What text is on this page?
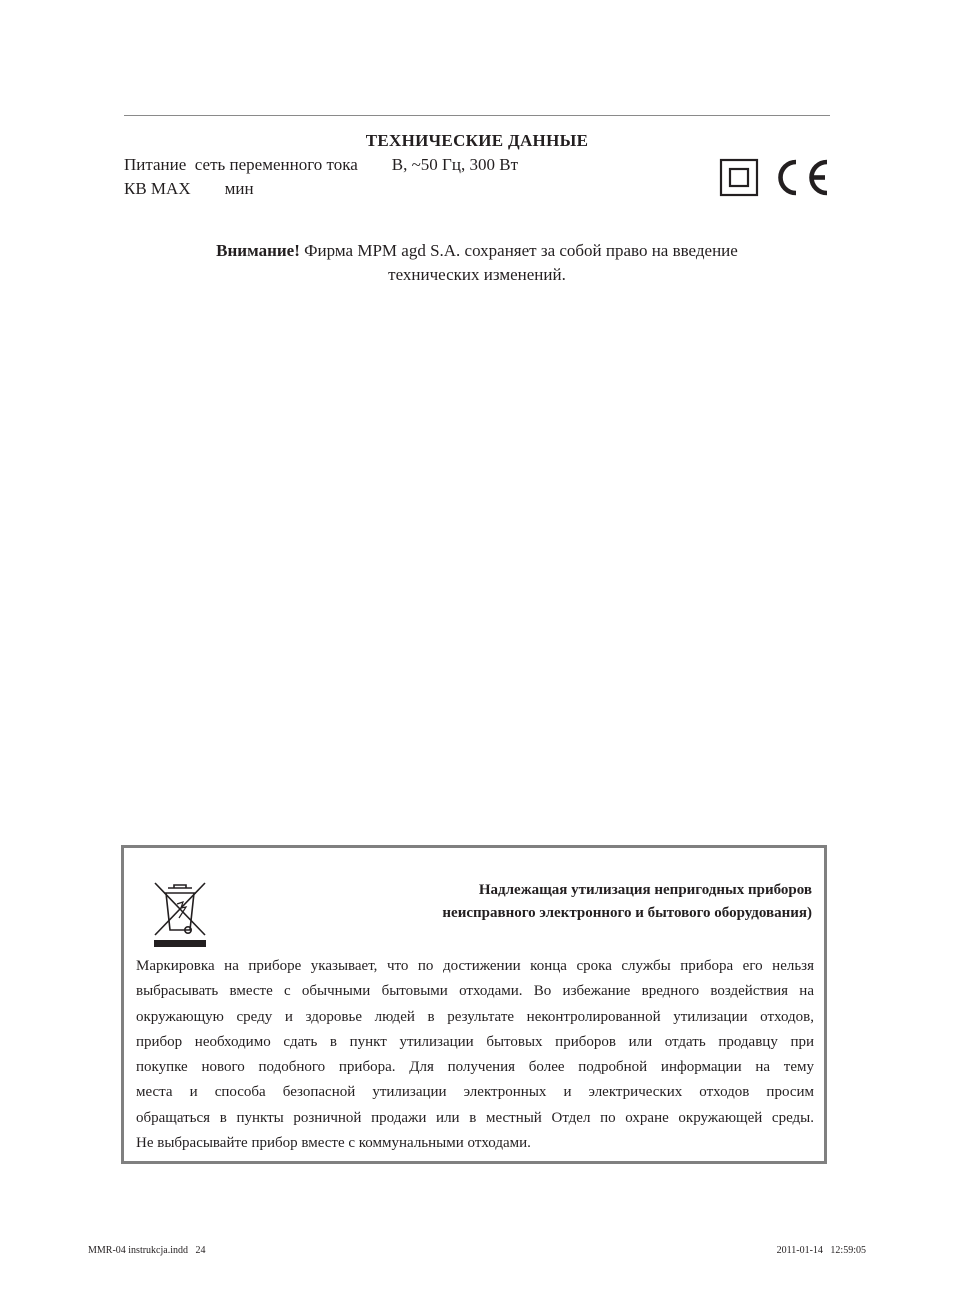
ТЕХНИЧЕСКИЕ ДАННЫЕ
Питание  сеть переменного тока        В, ~50 Гц, 300 Вт
КВ MAX        мин
Внимание! Фирма MPM agd S.A. сохраняет за собой право на введение
технических изменений.
Надлежащая утилизация непригодных приборов
неисправного электронного и бытового оборудования)
Маркировка на приборе указывает, что по достижении конца срока службы прибора его нельзя
выбрасывать вместе с обычными бытовыми отходами. Во избежание вредного воздействия на
окружающую среду и здоровье людей в результате неконтролированной утилизации отходов,
прибор необходимо сдать в пункт утилизации бытовых приборов или отдать продавцу при
покупке нового подобного прибора. Для получения более подробной информации на тему
места и способа безопасной утилизации электронных и электрических отходов просим
обращаться в пункты розничной продажи или в местный Отдел по охране окружающей среды.
Не выбрасывайте прибор вместе с коммунальными отходами.
MMR-04 instrukcja.indd   24	2011-01-14   12:59:05
